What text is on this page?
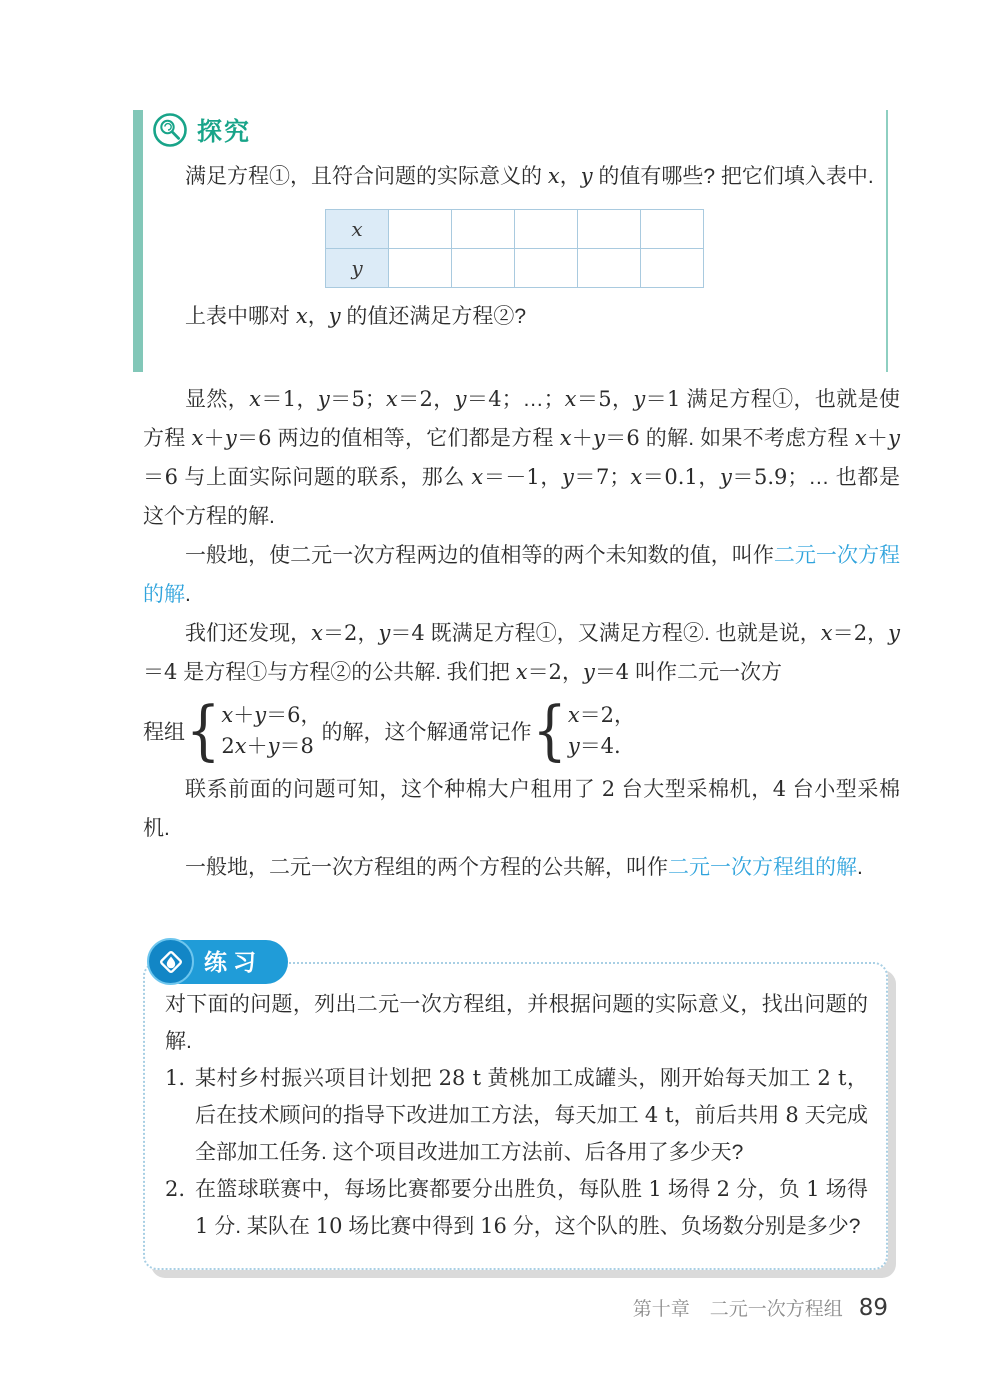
探究

满足方程①，且符合问题的实际意义的 x，y 的值有哪些? 把它们填入表中.

x					
y					

上表中哪对 x，y 的值还满足方程②?

显然，x＝1，y＝5；x＝2，y＝4；…；x＝5，y＝1 满足方程①，也就是使方程 x＋y＝6 两边的值相等，它们都是方程 x＋y＝6 的解. 如果不考虑方程 x＋y＝6 与上面实际问题的联系，那么 x＝－1，y＝7；x＝0.1，y＝5.9；… 也都是这个方程的解.

一般地，使二元一次方程两边的值相等的两个未知数的值，叫作二元一次方程的解.

我们还发现，x＝2，y＝4 既满足方程①，又满足方程②. 也就是说，x＝2，y＝4 是方程①与方程②的公共解. 我们把 x＝2，y＝4 叫作二元一次方

程组 { x＋y＝6，
2x＋y＝8
的解，这个解通常记作 { x＝2，
y＝4.

联系前面的问题可知，这个种棉大户租用了 2 台大型采棉机，4 台小型采棉机.

一般地，二元一次方程组的两个方程的公共解，叫作二元一次方程组的解.

练习

对下面的问题，列出二元一次方程组，并根据问题的实际意义，找出问题的解.

1. 某村乡村振兴项目计划把 28 t 黄桃加工成罐头，刚开始每天加工 2 t，后在技术顾问的指导下改进加工方法，每天加工 4 t，前后共用 8 天完成全部加工任务. 这个项目改进加工方法前、后各用了多少天?

2. 在篮球联赛中，每场比赛都要分出胜负，每队胜 1 场得 2 分，负 1 场得 1 分. 某队在 10 场比赛中得到 16 分，这个队的胜、负场数分别是多少?

第十章 二元一次方程组 89
